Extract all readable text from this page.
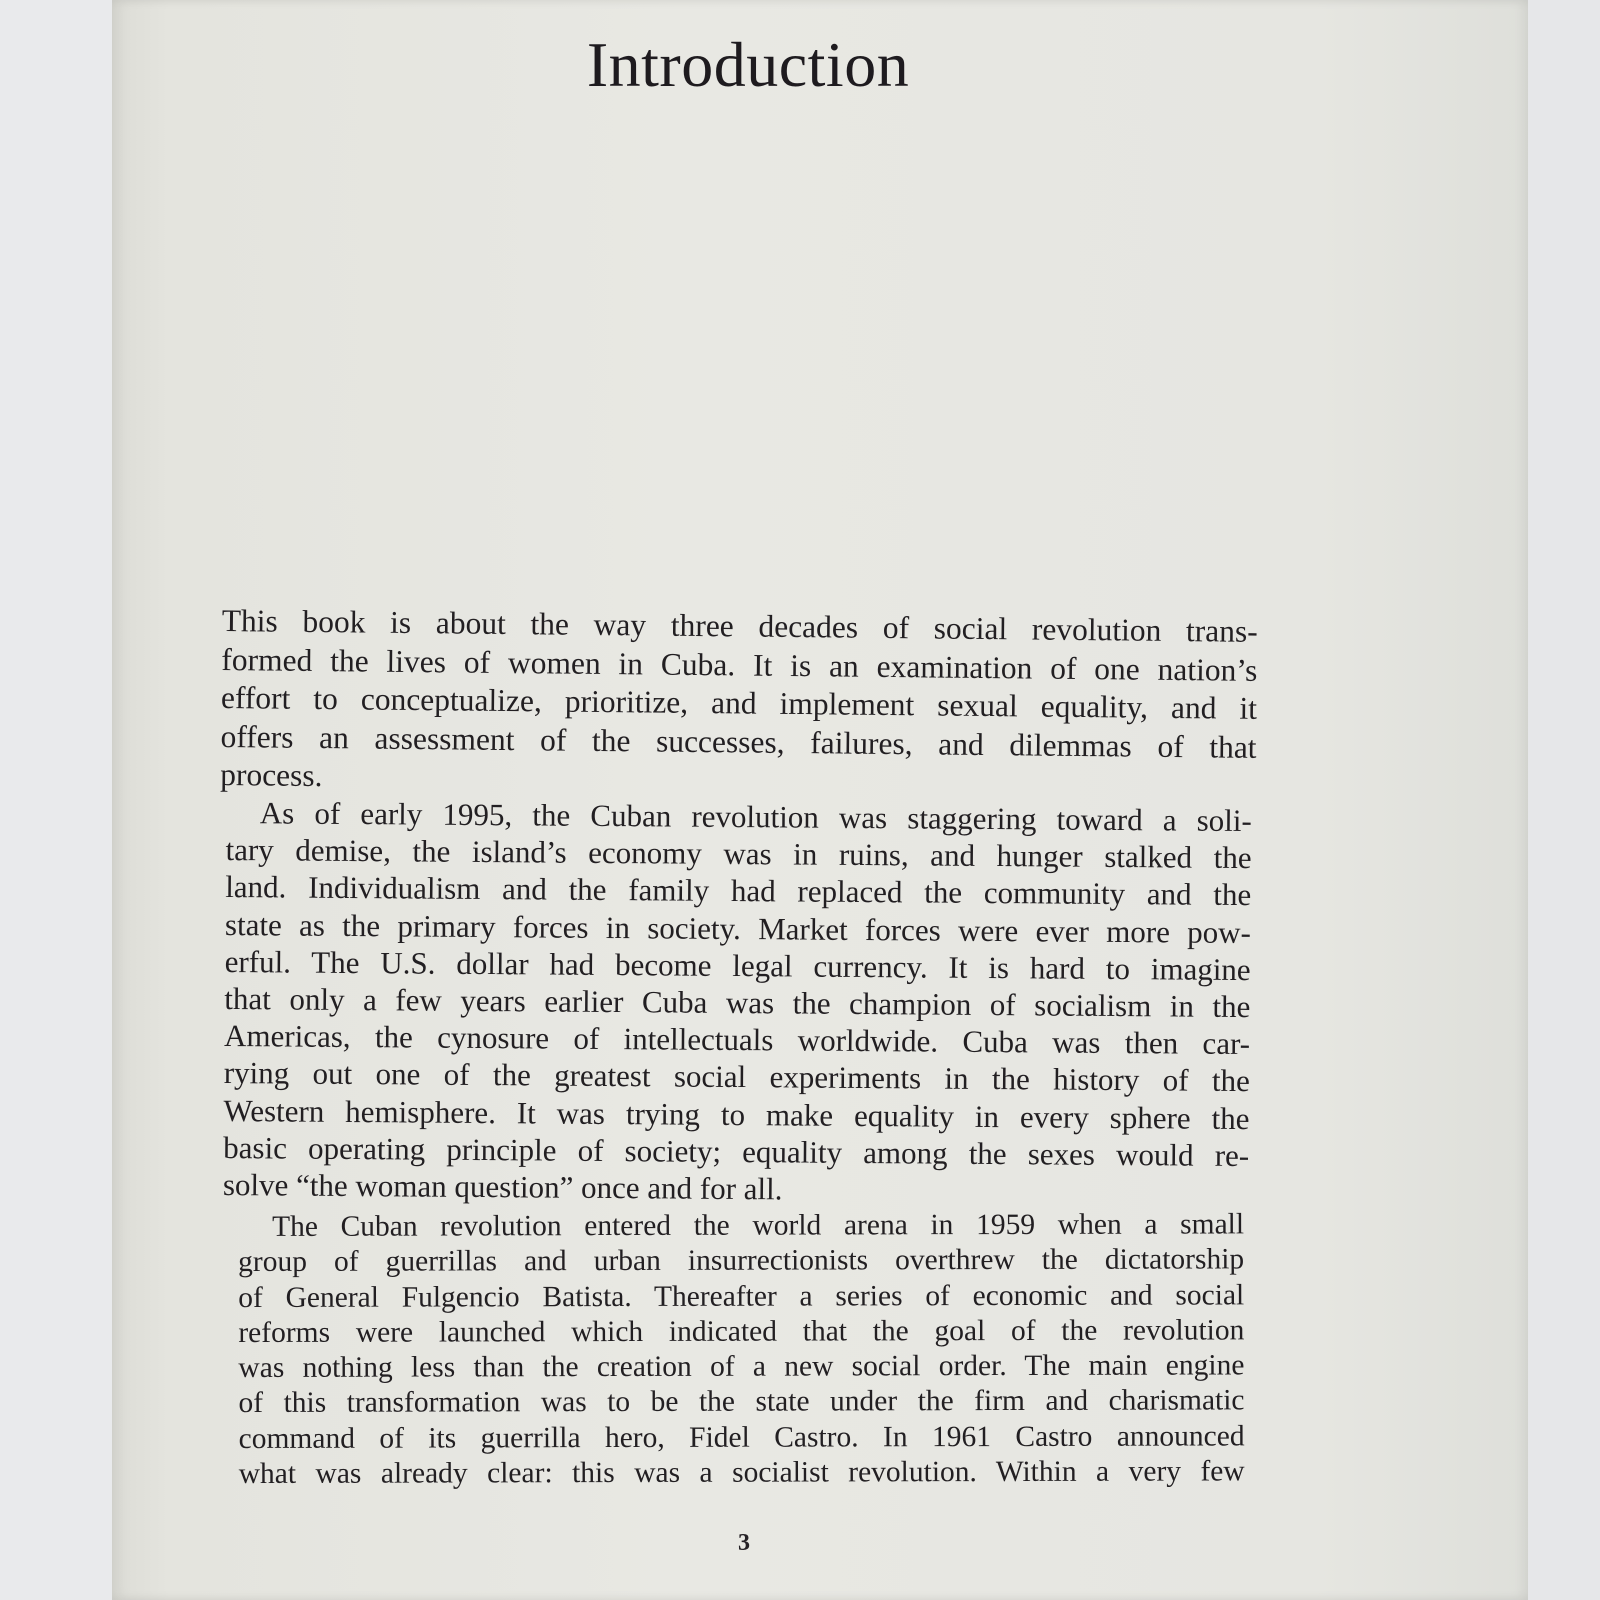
Introduction
This book is about the way three decades of social revolution trans-
formed the lives of women in Cuba. It is an examination of one nation’s
effort to conceptualize, prioritize, and implement sexual equality, and it
offers an assessment of the successes, failures, and dilemmas of that
process.
As of early 1995, the Cuban revolution was staggering toward a soli-
tary demise, the island’s economy was in ruins, and hunger stalked the
land. Individualism and the family had replaced the community and the
state as the primary forces in society. Market forces were ever more pow-
erful. The U.S. dollar had become legal currency. It is hard to imagine
that only a few years earlier Cuba was the champion of socialism in the
Americas, the cynosure of intellectuals worldwide. Cuba was then car-
rying out one of the greatest social experiments in the history of the
Western hemisphere. It was trying to make equality in every sphere the
basic operating principle of society; equality among the sexes would re-
solve “the woman question” once and for all.
The Cuban revolution entered the world arena in 1959 when a small
group of guerrillas and urban insurrectionists overthrew the dictatorship
of General Fulgencio Batista. Thereafter a series of economic and social
reforms were launched which indicated that the goal of the revolution
was nothing less than the creation of a new social order. The main engine
of this transformation was to be the state under the firm and charismatic
command of its guerrilla hero, Fidel Castro. In 1961 Castro announced
what was already clear: this was a socialist revolution. Within a very few
3
